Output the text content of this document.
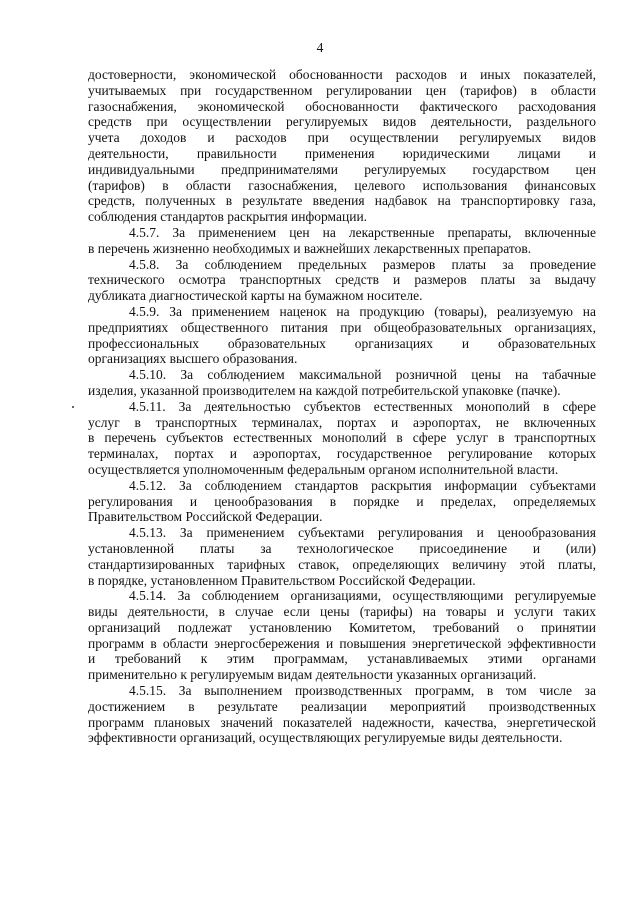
4
достоверности, экономической обоснованности расходов и иных показателей,
учитываемых при государственном регулировании цен (тарифов) в области
газоснабжения, экономической обоснованности фактического расходования
средств при осуществлении регулируемых видов деятельности, раздельного
учета доходов и расходов при осуществлении регулируемых видов
деятельности, правильности применения юридическими лицами и
индивидуальными предпринимателями регулируемых государством цен
(тарифов) в области газоснабжения, целевого использования финансовых
средств, полученных в результате введения надбавок на транспортировку газа,
соблюдения стандартов раскрытия информации.
4.5.7. За применением цен на лекарственные препараты, включенные
в перечень жизненно необходимых и важнейших лекарственных препаратов.
4.5.8. За соблюдением предельных размеров платы за проведение
технического осмотра транспортных средств и размеров платы за выдачу
дубликата диагностической карты на бумажном носителе.
4.5.9. За применением наценок на продукцию (товары), реализуемую на
предприятиях общественного питания при общеобразовательных организациях,
профессиональных образовательных организациях и образовательных
организациях высшего образования.
4.5.10. За соблюдением максимальной розничной цены на табачные
изделия, указанной производителем на каждой потребительской упаковке (пачке).
4.5.11. За деятельностью субъектов естественных монополий в сфере
услуг в транспортных терминалах, портах и аэропортах, не включенных
в перечень субъектов естественных монополий в сфере услуг в транспортных
терминалах, портах и аэропортах, государственное регулирование которых
осуществляется уполномоченным федеральным органом исполнительной власти.
4.5.12. За соблюдением стандартов раскрытия информации субъектами
регулирования и ценообразования в порядке и пределах, определяемых
Правительством Российской Федерации.
4.5.13. За применением субъектами регулирования и ценообразования
установленной платы за технологическое присоединение и (или)
стандартизированных тарифных ставок, определяющих величину этой платы,
в порядке, установленном Правительством Российской Федерации.
4.5.14. За соблюдением организациями, осуществляющими регулируемые
виды деятельности, в случае если цены (тарифы) на товары и услуги таких
организаций подлежат установлению Комитетом, требований о принятии
программ в области энергосбережения и повышения энергетической эффективности
и требований к этим программам, устанавливаемых этими органами
применительно к регулируемым видам деятельности указанных организаций.
4.5.15. За выполнением производственных программ, в том числе за
достижением в результате реализации мероприятий производственных
программ плановых значений показателей надежности, качества, энергетической
эффективности организаций, осуществляющих регулируемые виды деятельности.
